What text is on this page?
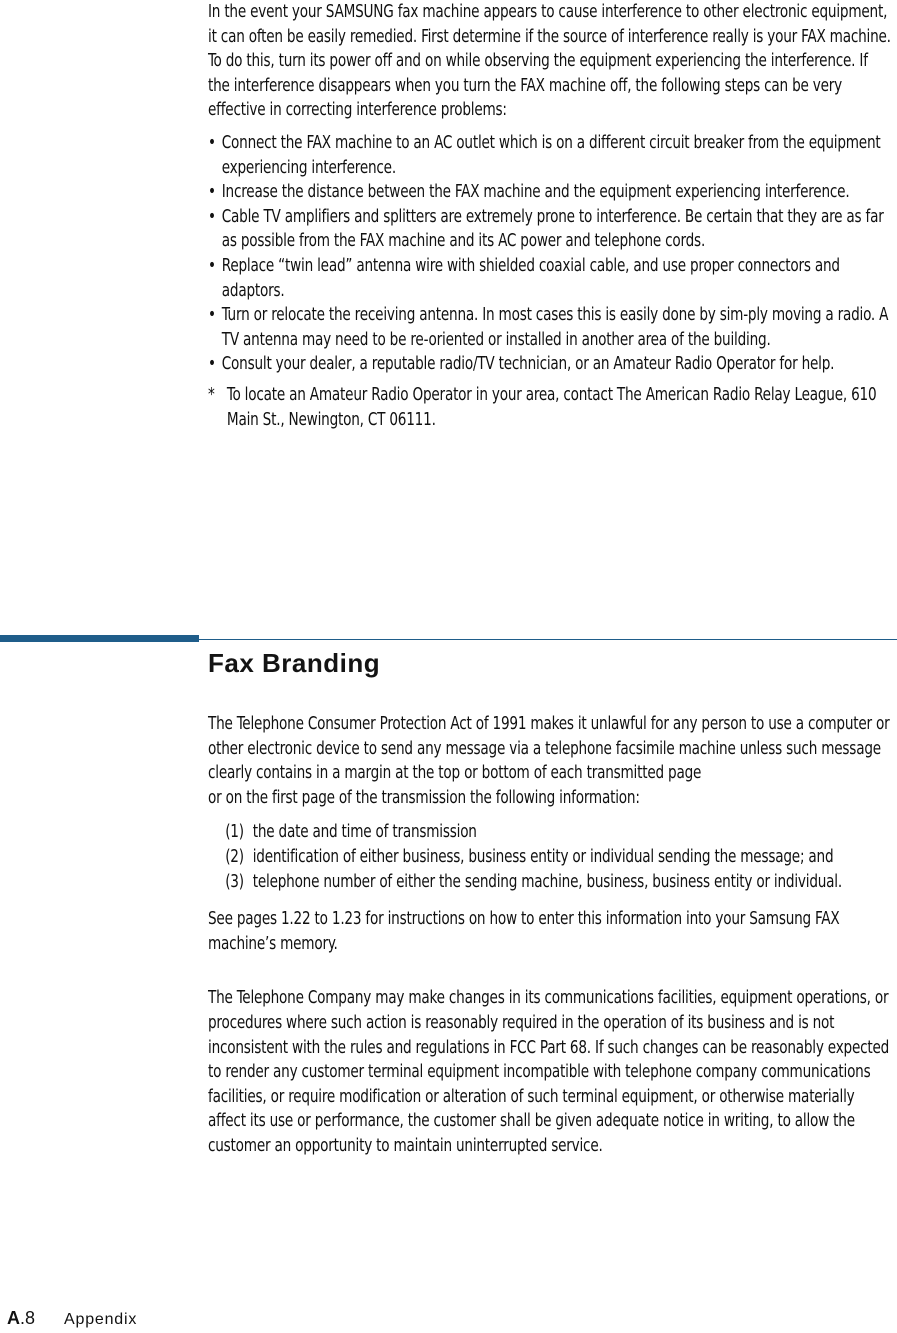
In the event your SAMSUNG fax machine appears to cause interference to other electronic equipment, it can often be easily remedied. First determine if the source of interference really is your FAX machine. To do this, turn its power off and on while observing the equipment experiencing the interference. If the interference disappears when you turn the FAX machine off, the following steps can be very effective in correcting interference problems:

• Connect the FAX machine to an AC outlet which is on a different circuit breaker from the equipment experiencing interference.
• Increase the distance between the FAX machine and the equipment experiencing interference.
• Cable TV amplifiers and splitters are extremely prone to interference. Be certain that they are as far as possible from the FAX machine and its AC power and telephone cords.
• Replace “twin lead” antenna wire with shielded coaxial cable, and use proper connectors and adaptors.
• Turn or relocate the receiving antenna. In most cases this is easily done by sim-ply moving a radio. A TV antenna may need to be re-oriented or installed in another area of the building.
• Consult your dealer, a reputable radio/TV technician, or an Amateur Radio Operator for help.
* To locate an Amateur Radio Operator in your area, contact The American Radio Relay League, 610 Main St., Newington, CT 06111.
Fax Branding

The Telephone Consumer Protection Act of 1991 makes it unlawful for any person to use a computer or other electronic device to send any message via a telephone facsimile machine unless such message clearly contains in a margin at the top or bottom of each transmitted page

or on the first page of the transmission the following information:

(1) the date and time of transmission
(2) identification of either business, business entity or individual sending the message; and
(3) telephone number of either the sending machine, business, business entity or individual.

See pages 1.22 to 1.23 for instructions on how to enter this information into your Samsung FAX machine’s memory.

The Telephone Company may make changes in its communications facilities, equipment operations, or procedures where such action is reasonably required in the operation of its business and is not inconsistent with the rules and regulations in FCC Part 68. If such changes can be reasonably expected to render any customer terminal equipment incompatible with telephone company communications facilities, or require modification or alteration of such terminal equipment, or otherwise materially affect its use or performance, the customer shall be given adequate notice in writing, to allow the customer an opportunity to maintain uninterrupted service.

A.8 Appendix
